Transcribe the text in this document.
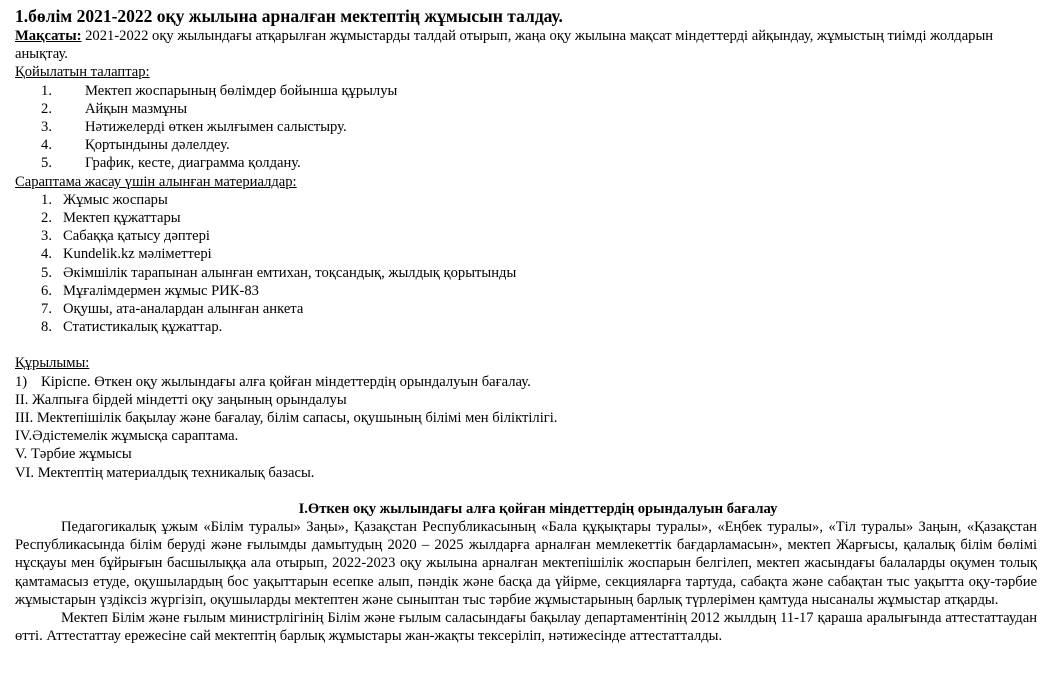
1.бөлім 2021-2022 оқу жылына арналған мектептің жұмысын талдау.

Мақсаты: 2021-2022 оқу жылындағы атқарылған жұмыстарды талдай отырып, жаңа оқу жылына мақсат міндеттерді айқындау, жұмыстың тиімді жолдарын анықтау.

Қойылатын талаптар:

1.	Мектеп жоспарының бөлімдер бойынша құрылуы
2.	Айқын мазмұны
3.	Нәтижелерді өткен жылғымен салыстыру.
4.	Қортындыны дәлелдеу.
5.	График, кесте, диаграмма қолдану.

Сараптама жасау үшін алынған материалдар:

1. Жұмыс жоспары
2. Мектеп құжаттары
3. Сабаққа қатысу дәптері
4. Kundelik.kz мәліметтері
5. Әкімшілік тарапынан алынған емтихан, тоқсандық, жылдық қорытынды
6. Мұғалімдермен жұмыс РИК-83
7. Оқушы, ата-аналардан алынған анкета
8. Статистикалық құжаттар.

Құрылымы:

1) Кіріспе. Өткен оқу жылындағы алға қойған міндеттердің орындалуын бағалау.

II. Жалпыға бірдей міндетті оқу заңының орындалуы

III. Мектепішілік бақылау және бағалау, білім сапасы, оқушының білімі мен біліктілігі.

IV.Әдістемелік жұмысқа сараптама.

V. Тәрбие жұмысы

VI. Мектептің материалдық техникалық базасы.

І.Өткен оқу жылындағы алға қойған міндеттердің орындалуын бағалау

Педагогикалық ұжым «Білім туралы» Заңы», Қазақстан Республикасының «Бала құқықтары туралы», «Еңбек туралы», «Тіл туралы» Заңын, «Қазақстан Республикасында білім беруді және ғылымды дамытудың 2020 – 2025 жылдарға арналған мемлекеттік бағдарламасын», мектеп Жарғысы, қалалық білім бөлімі нұсқауы мен бұйрығын басшылыққа ала отырып, 2022-2023 оқу жылына арналған мектепішілік жоспарын белгілеп, мектеп жасындағы балаларды оқумен толық қамтамасыз етуде, оқушылардың бос уақыттарын есепке алып, пәндік және басқа да үйірме, секцияларға тартуда, сабақта және сабақтан тыс уақытта оқу-тәрбие жұмыстарын үздіксіз жүргізіп, оқушыларды мектептен және сыныптан тыс тәрбие жұмыстарының барлық түрлерімен қамтуда нысаналы жұмыстар атқарды.

Мектеп Білім және ғылым министрлігінің Білім және ғылым саласындағы бақылау департаментінің 2012 жылдың 11-17 қараша аралығында аттестаттаудан өтті. Аттестаттау ережесіне сай мектептің барлық жұмыстары жан-жақты тексеріліп, нәтижесінде аттестатталды.
